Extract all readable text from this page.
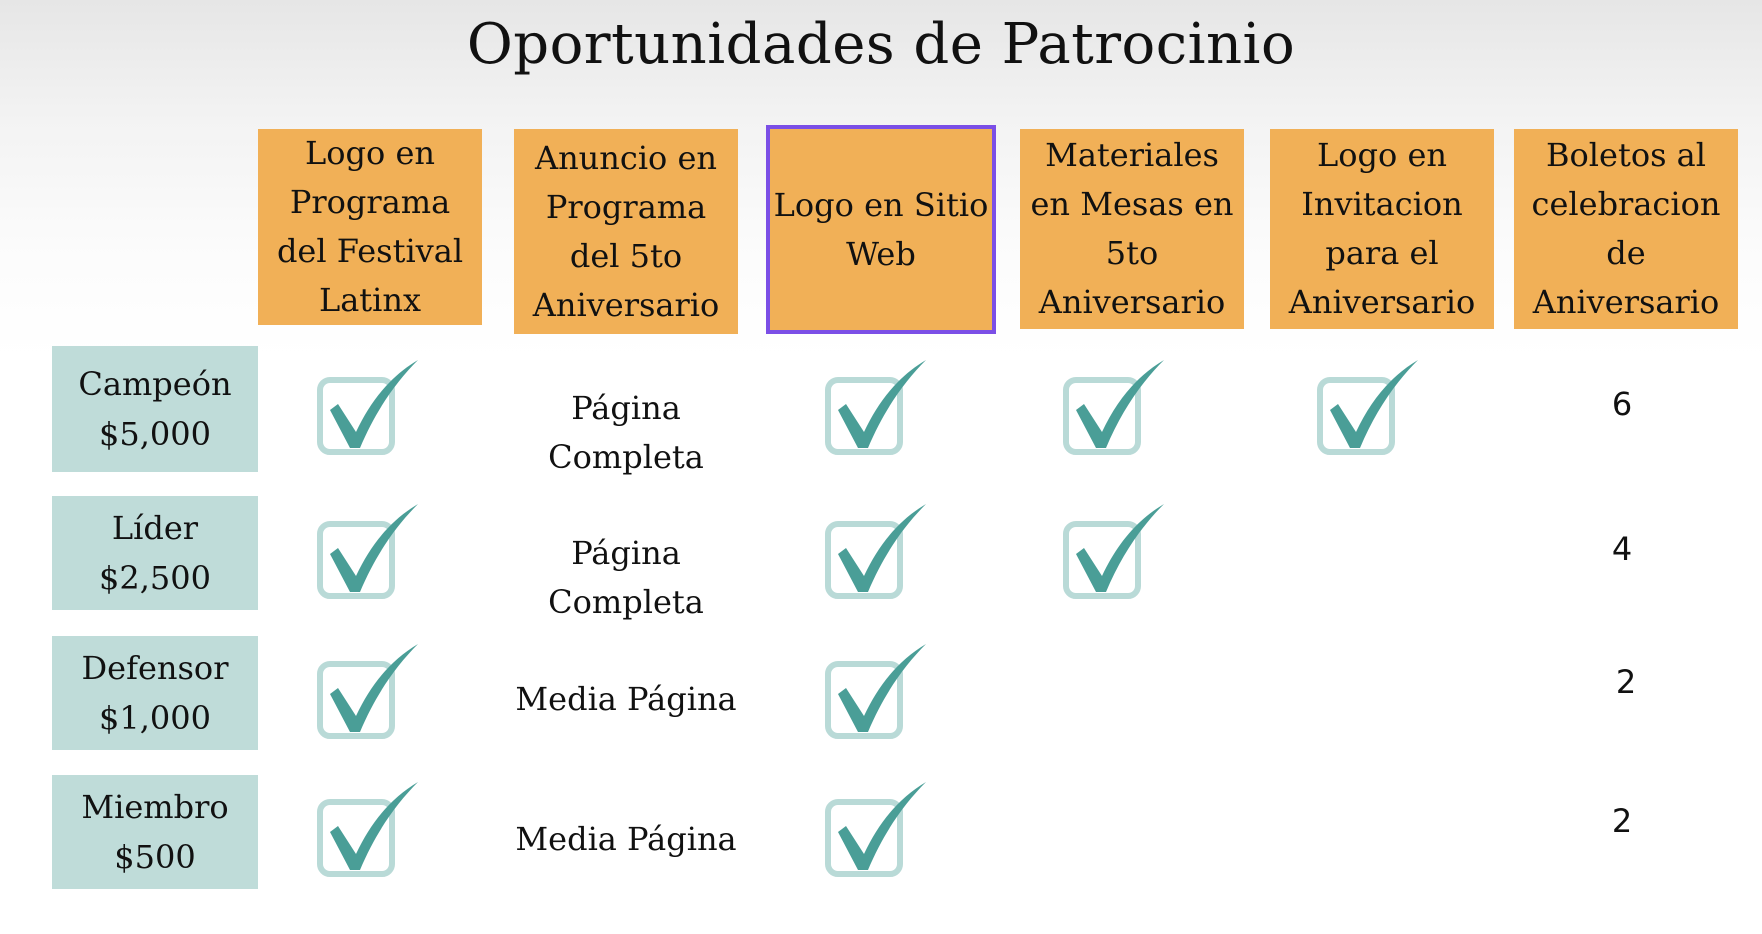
Oportunidades de Patrocinio
Logo en Programa del Festival Latinx
Anuncio en Programa del 5to Aniversario
Logo en Sitio Web
Materiales en Mesas en 5to Aniversario
Logo en Invitacion para el Aniversario
Boletos al celebracion de Aniversario
Campeón
$5,000
Líder
$2,500
Defensor
$1,000
Miembro
$500
Página Completa
Página Completa
Media Página
Media Página
6
4
2
2
